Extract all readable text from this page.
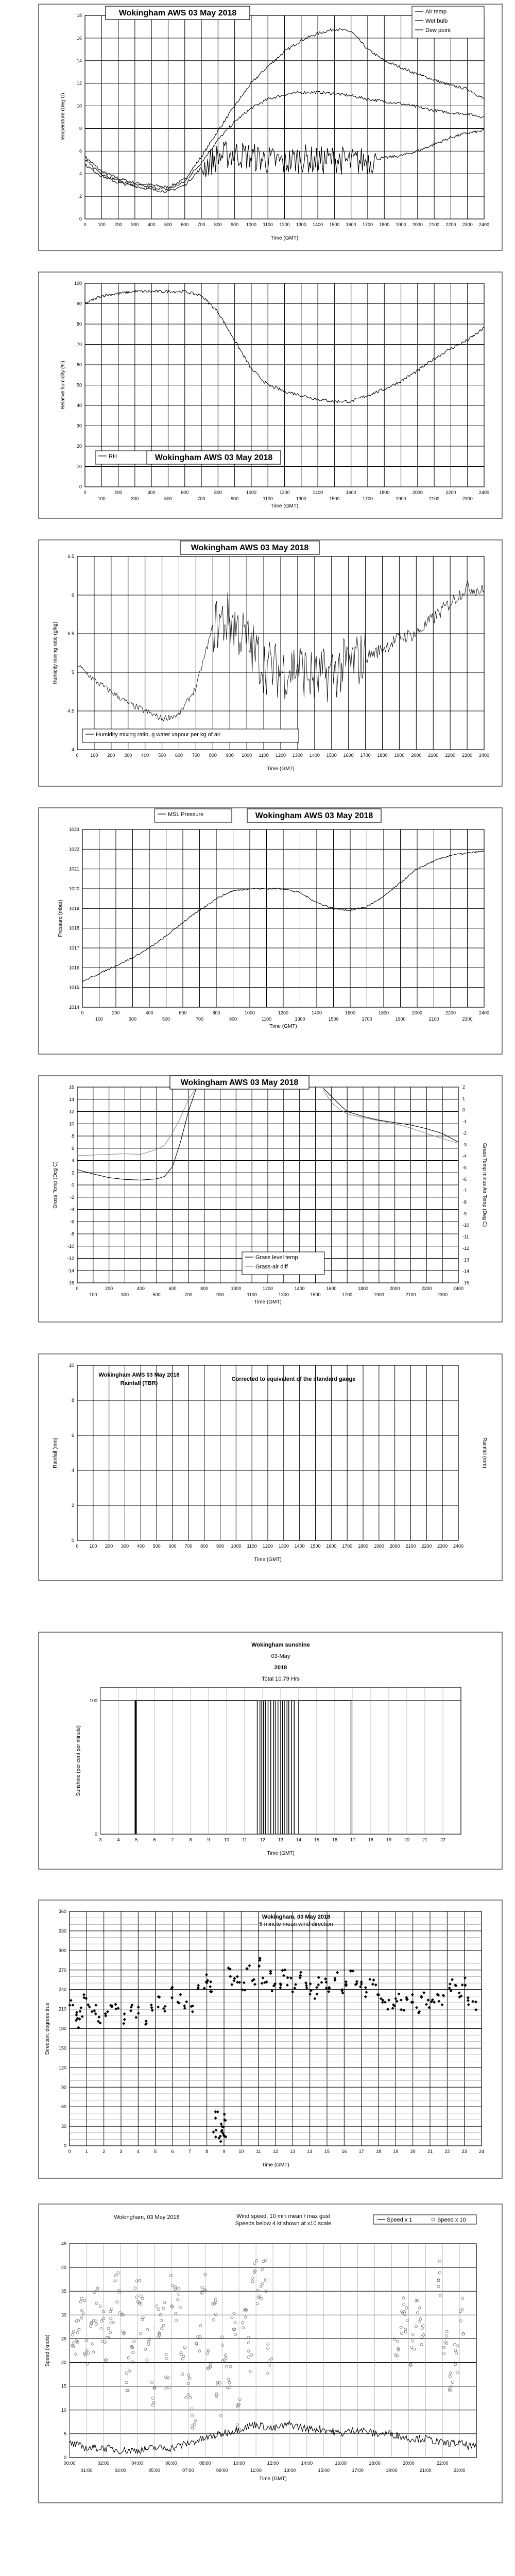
0
2
4
6
8
10
12
14
16
18
0 100 200 300 400 500 600 700 800 900 1000 1100 1200 1300 1400 1500 1600 1700 1800 1900 2000 2100 2200 2300 2400
Time (GMT)
Temperature (Deg C)
Wokingham AWS 03 May 2018	Air temp
Wet bulb
Dew point
0
10
20
30
40
50
60
70
80
90
100
0
100
200
300
400
500
600
700
800
900
1000
1100
1200
1300
1400
1500
1600
1700
1800
1900
2000
2100
2200
2300
2400
Time (GMT)
Relative humidity (%)
Wokingham AWS 03 May 2018
RH
4
4.5
5
5.5
6
6.5
0	100 200 300 400 500 600 700 800 900 1000 1100 1200 1300 1400 1500 1600 1700 1800 1900 2000 2100 2200 2300 2400
Time (GMT)
Humidity mixing ratio (g/kg)
Wokingham AWS 03 May 2018
Humidity mixing ratio, g water vapour per kg of air
1014
1015
1016
1017
1018
1019
1020
1021
1022
1023
0
100
200
300
400
500
600
700
800
900
1000
1100
1200
1300
1400
1500
1600
1700
1800
1900
2000
2100
2200
2300
2400
Time (GMT)
Pressure (mbar)
Wokingham AWS 03 May 2018
MSL Pressure
-16
-14
-12
-10
-8
-6
-4
-2
0
2
4
6
8
10
12
14
16
0
100
200
300
400
500
600
700
800
900
1000
1100
1200
1300
1400
1500
1600
1700
1800
1900
2000
2100
2200
2300
2400
-15
-14
-13
-12
-11
-10
-9
-8
-7
-6
-5
-4
-3
-2
-1
0
1
2
Time (GMT)
Grass Temp (Deg C)	Grass Temp minus Air Temp (Deg C)
Wokingham AWS 03 May 2018
Grass level temp
Grass-air diff
0
2
4
6
8
10
0 100 200 300 400 500 600 700 800 900 1000 1100 1200 1300 1400 1500 1600 1700 1800 1900 2000 2100 2200 2300 2400
Time (GMT)
Rainfall (mm)	Rainfall (mm)
Wokingham AWS 03 May 2018
Rainfall (TBR)
Corrected to equivalent of the standard gauge
0
100
3	4	5	6	7	8	9	10	11	12	13	14	15	16	17	18	19	20	21	22
Time (GMT)
Sunshine (per cent per minute)
Wokingham sunshine
03-May
2018
Total 10.79 Hrs
0
30
60
90
120
150
180
210
240
270
300
330
360
0	1	2	3	4	5	6	7	8	9	10	11	12	13	14	15	16	17	18	19	20	21	22	23	24
Time (GMT)
Direction, degrees true
Wokingham, 03 May 2018
5 minute mean wind direction
0
5
10
15
20
25
30
35
40
45
00:00	02:00	04:00	06:00	08:00	10:00	12:00	14:00	16:00	18:00	20:00	22:00
01:00	03:00	05:00	07:00	09:00	11:00	13:00	15:00	17:00	19:00	21:00	23:00
Time (GMT)
Speed (knots)
Wokingham, 03 May 2018	Wind speed, 10 min mean / max gust
Speeds below 4 kt shown at x10 scale
Speed x 1	Speed x 10
